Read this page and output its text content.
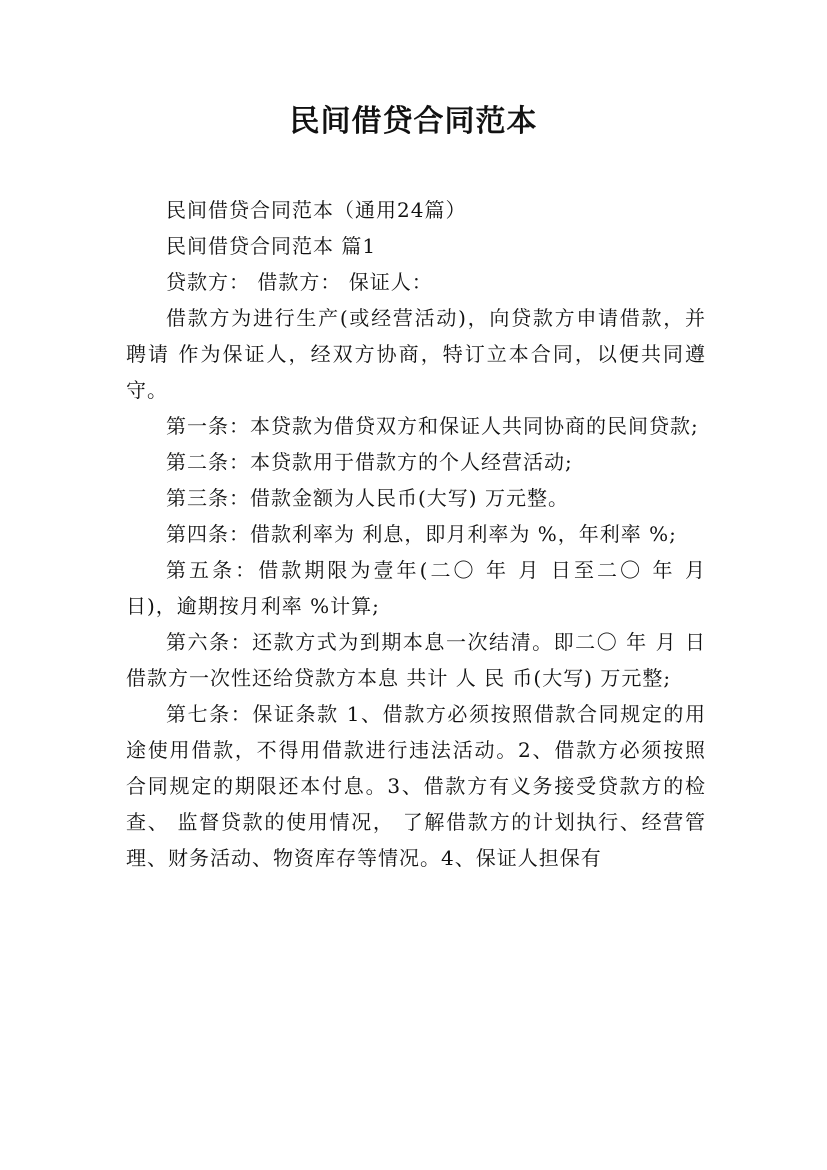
民间借贷合同范本

民间借贷合同范本（通用24篇）

民间借贷合同范本 篇1

贷款方： 借款方： 保证人：

借款方为进行生产(或经营活动)，向贷款方申请借款，并聘请 作为保证人，经双方协商，特订立本合同，以便共同遵守。

第一条：本贷款为借贷双方和保证人共同协商的民间贷款;

第二条：本贷款用于借款方的个人经营活动;

第三条：借款金额为人民币(大写) 万元整。

第四条：借款利率为 利息，即月利率为 %，年利率 %;

第五条：借款期限为壹年(二〇 年 月 日至二〇 年 月 日)，逾期按月利率 %计算;

第六条：还款方式为到期本息一次结清。即二〇 年 月 日借款方一次性还给贷款方本息 共计 人 民 币(大写) 万元整;

第七条：保证条款 1、借款方必须按照借款合同规定的用途使用借款，不得用借款进行违法活动。2、借款方必须按照合同规定的期限还本付息。3、借款方有义务接受贷款方的检查、 监督贷款的使用情况， 了解借款方的计划执行、经营管理、财务活动、物资库存等情况。4、保证人担保有
